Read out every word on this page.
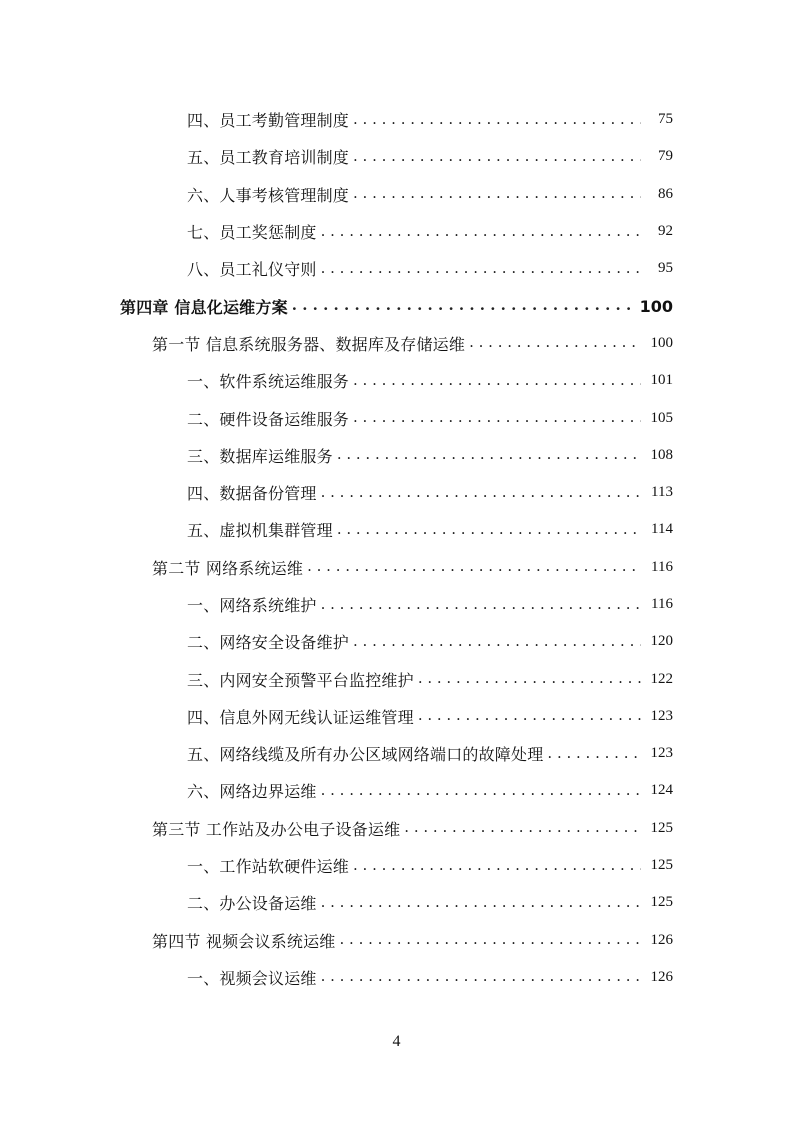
四、员工考勤管理制度 . . .	75
五、员工教育培训制度 . . .	79
六、人事考核管理制度 . . .	86
七、员工奖惩制度 . . .	92
八、员工礼仪守则 . . .	95
第四章 信息化运维方案 . . .	100
第一节 信息系统服务器、数据库及存储运维 . . .	100
一、软件系统运维服务 . . .	101
二、硬件设备运维服务 . . .	105
三、数据库运维服务 . . .	108
四、数据备份管理 . . .	113
五、虚拟机集群管理 . . .	114
第二节 网络系统运维 . . .	116
一、网络系统维护 . . .	116
二、网络安全设备维护 . . .	120
三、内网安全预警平台监控维护 . . .	122
四、信息外网无线认证运维管理 . . .	123
五、网络线缆及所有办公区域网络端口的故障处理 . . .	123
六、网络边界运维 . . .	124
第三节 工作站及办公电子设备运维 . . .	125
一、工作站软硬件运维 . . .	125
二、办公设备运维 . . .	125
第四节 视频会议系统运维 . . .	126
一、视频会议运维 . . .	126
4
